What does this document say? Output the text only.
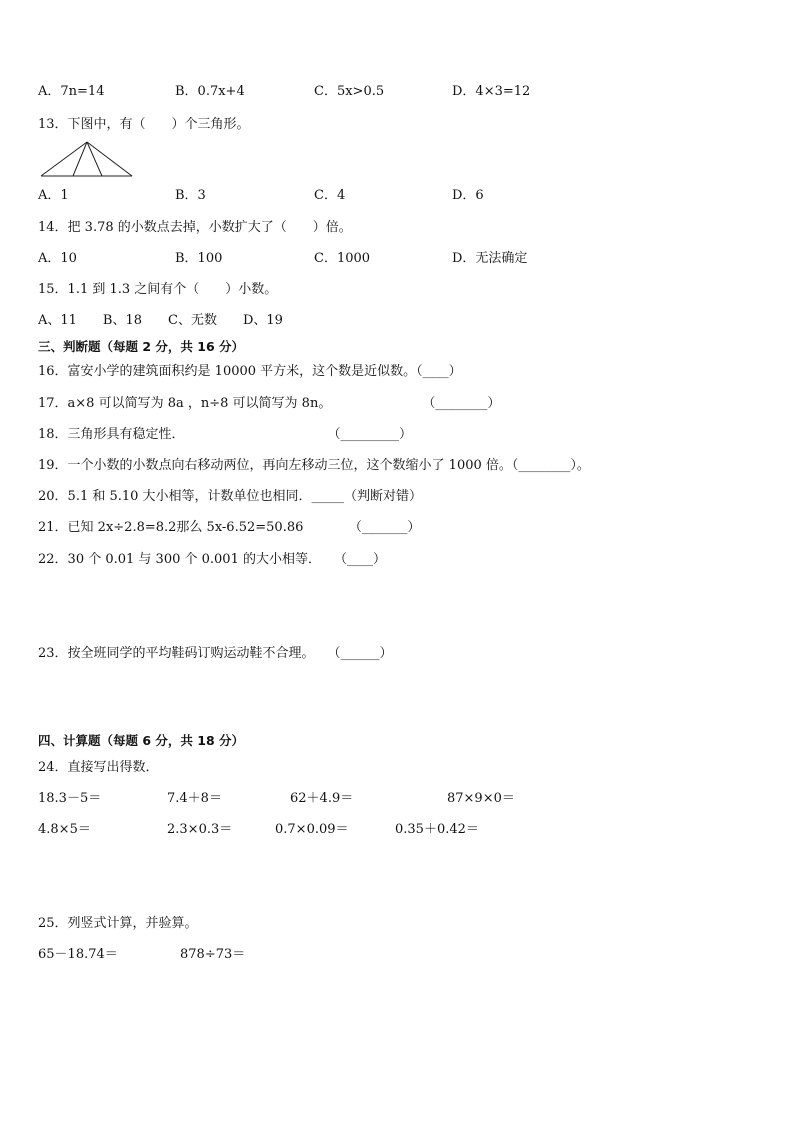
A．7n=14	B．0.7x+4	C．5x>0.5	D．4×3=12
13．下图中，有（　　）个三角形。
A．1	B．3	C．4	D．6
14．把 3.78 的小数点去掉，小数扩大了（　　）倍。
A．10	B．100	C．1000	D．无法确定
15．1.1 到 1.3 之间有个（　　）小数。
A、11　　B、18　　C、无数　　D、19
三、判断题（每题 2 分，共 16 分）
16．富安小学的建筑面积约是 10000 平方米，这个数是近似数。（____）
17．a×8 可以简写为 8a ，n÷8 可以简写为 8n。　　　　　　　　（________）
18．三角形具有稳定性．　　　　　　　　　　　　（_________）
19．一个小数的小数点向右移动两位，再向左移动三位，这个数缩小了 1000 倍。（________）。
20．5.1 和 5.10 大小相等，计数单位也相同．_____（判断对错）
21．已知 2x÷2.8=8.2那么 5x-6.52=50.86　　　　（_______）
22．30 个 0.01 与 300 个 0.001 的大小相等．　　（____）
23．按全班同学的平均鞋码订购运动鞋不合理。　　（______）
四、计算题（每题 6 分，共 18 分）
24．直接写出得数．
18.3－5＝	7.4＋8＝	62＋4.9＝	87×9×0＝
4.8×5＝	2.3×0.3＝	0.7×0.09＝	0.35＋0.42＝
25．列竖式计算，并验算。
65－18.74＝	878÷73＝
